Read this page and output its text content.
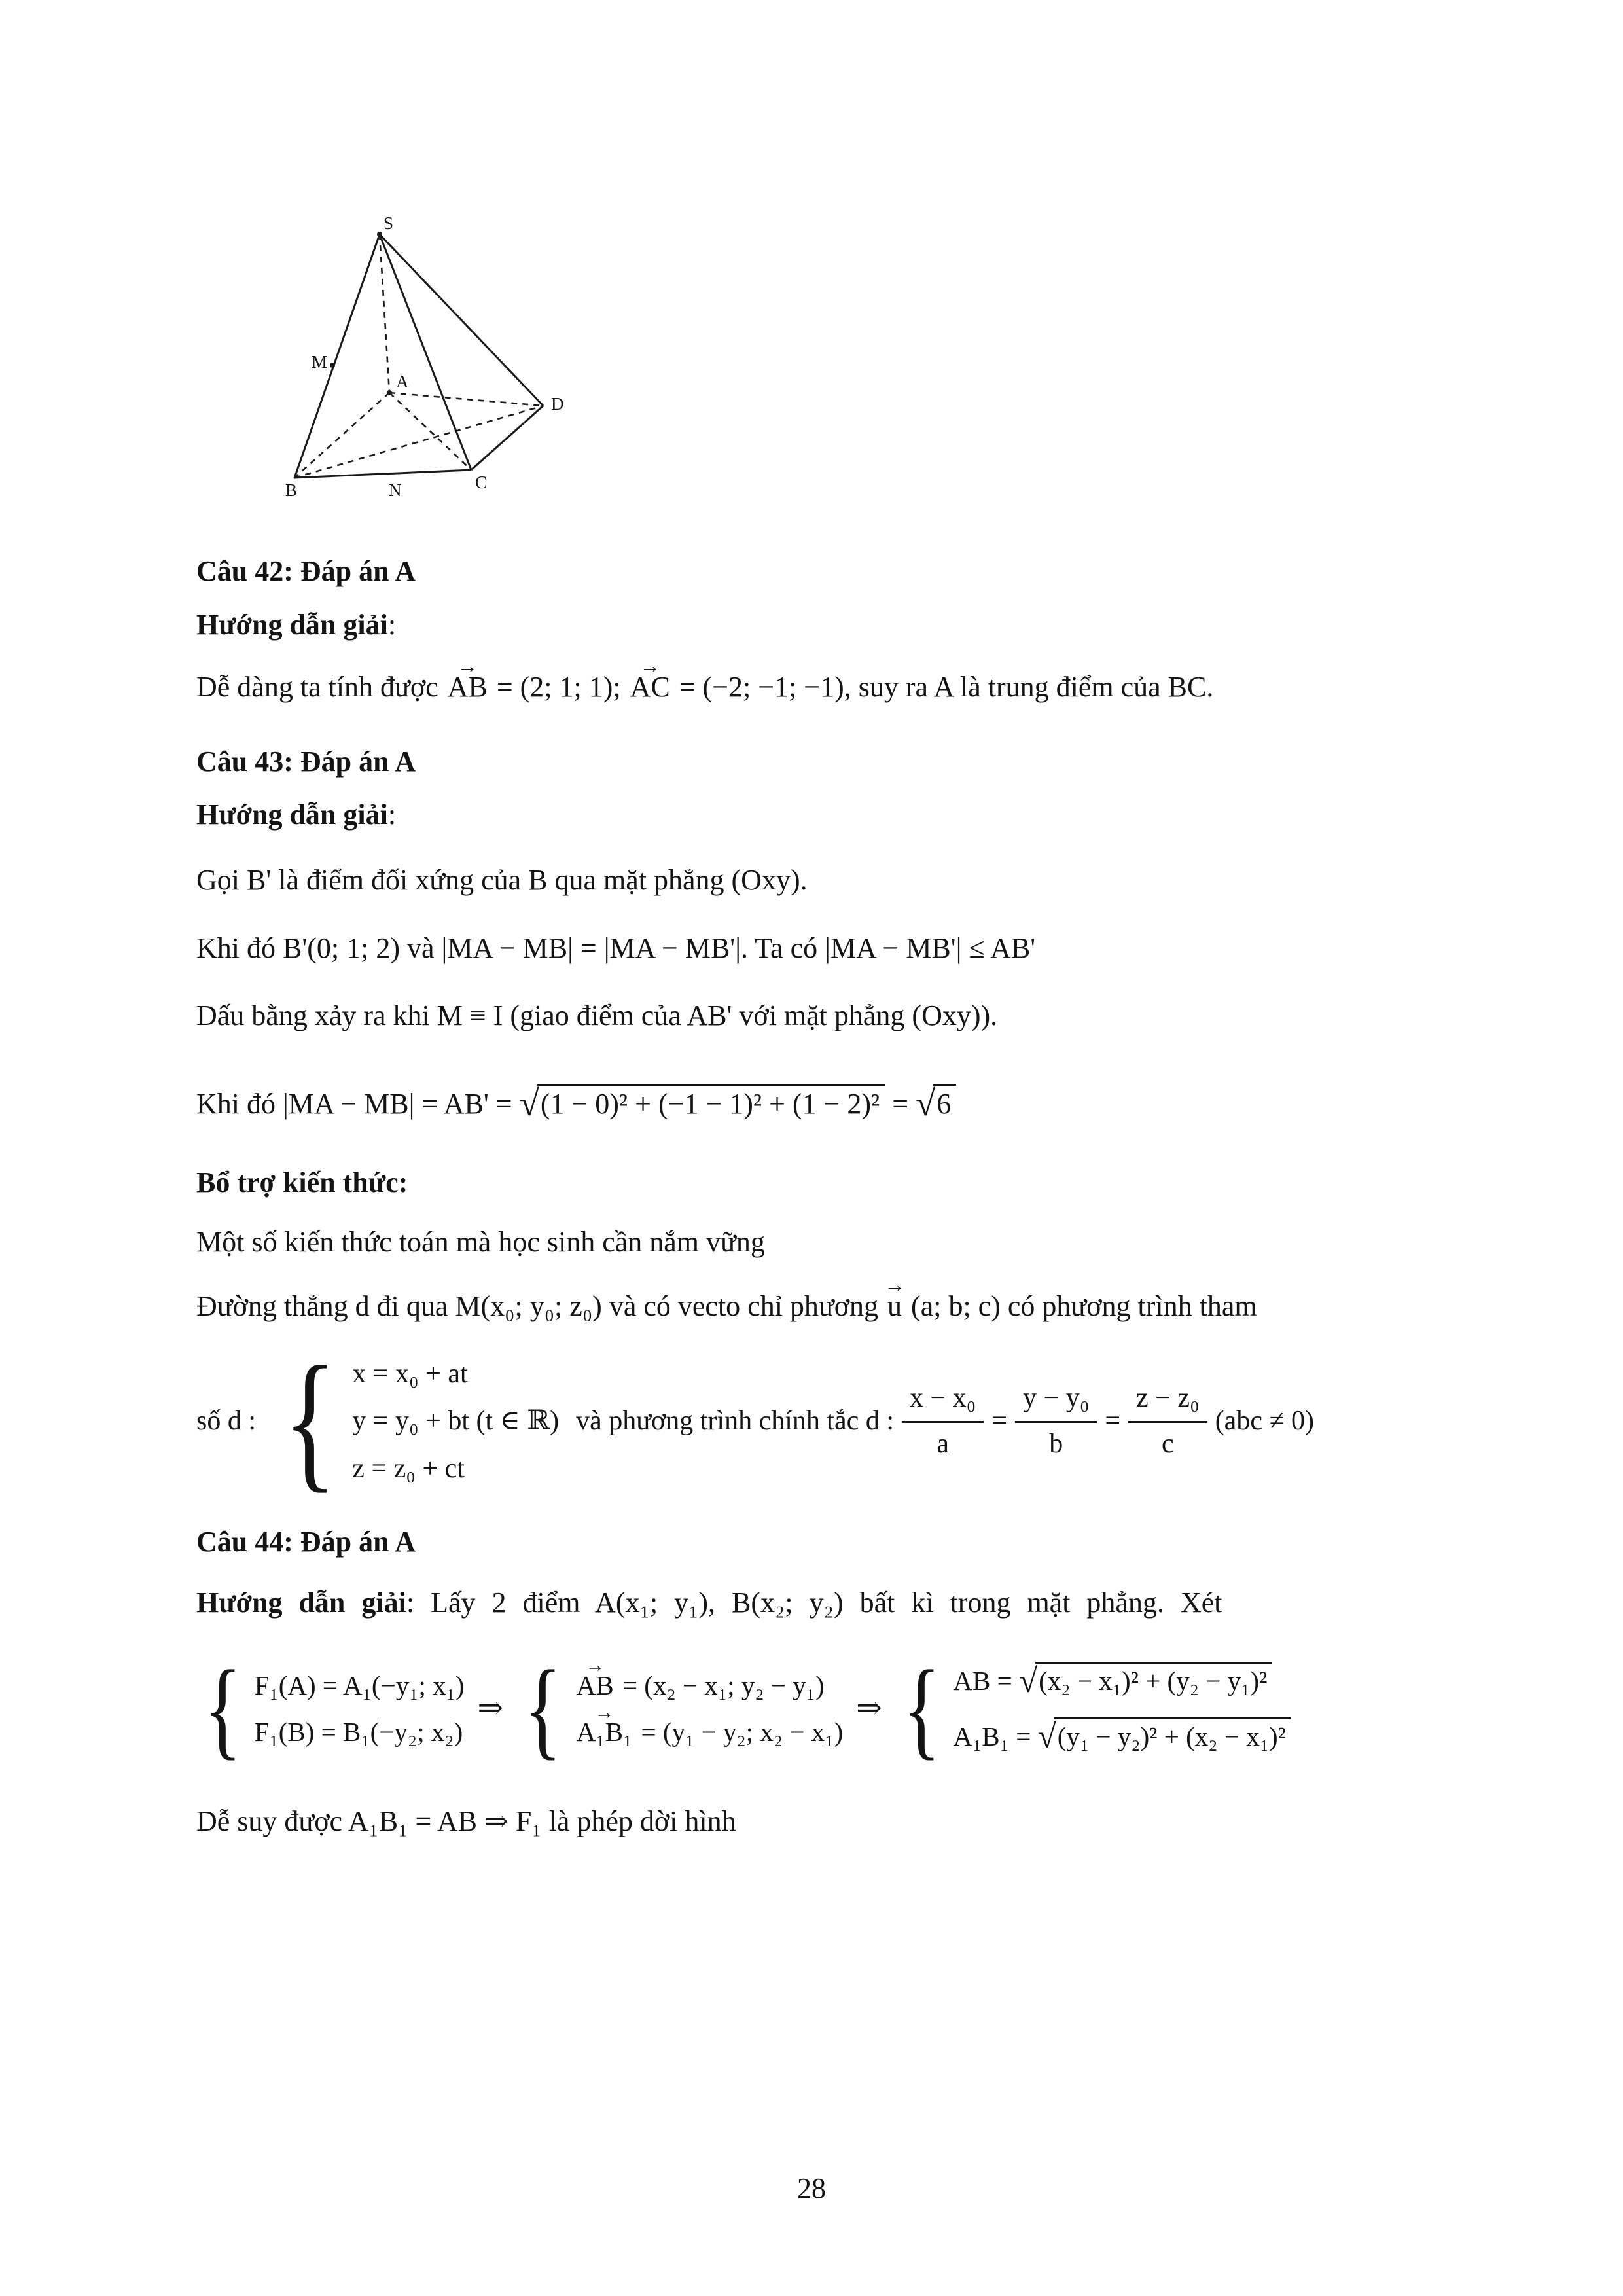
S
M
A
D
B	N	C

Câu 42: Đáp án A

Hướng dẫn giải:

Dễ dàng ta tính được → AB = (2; 1; 1); → AC = (−2; −1; −1), suy ra A là trung điểm của BC.

Câu 43: Đáp án A

Hướng dẫn giải:

Gọi B' là điểm đối xứng của B qua mặt phẳng (Oxy).

Khi đó B'(0; 1; 2) và |MA − MB| = |MA − MB'|. Ta có |MA − MB'| ≤ AB'

Dấu bằng xảy ra khi M ≡ I (giao điểm của AB' với mặt phẳng (Oxy)).

Khi đó |MA − MB| = AB' = √(1 − 0)² + (−1 − 1)² + (1 − 2)² = √6

Bổ trợ kiến thức:

Một số kiến thức toán mà học sinh cần nắm vững

Đường thẳng d đi qua M(x₀; y₀; z₀) và có vecto chỉ phương → u (a; b; c) có phương trình tham

số d : { x = x₀ + at
y = y₀ + bt (t ∈ ℝ)
z = z₀ + ct
và phương trình chính tắc d : $\frac{\text{x − x₀}}{a} = \frac{\text{y − y₀}}{b} = \frac{\text{z − z₀}}{c} (abc \ne 0)$

Câu 44: Đáp án A

Hướng dẫn giải: Lấy 2 điểm A(x₁; y₁), B(x₂; y₂) bất kì trong mặt phẳng. Xét

{ F₁(A) = A₁(−y₁; x₁)
F₁(B) = B₁(−y₂; x₂)
⇒ { → AB = (x₂ − x₁; y₂ − y₁)
→ A₁B₁ = (y₁ − y₂; x₂ − x₁)
⇒ { AB = √(x₂ − x₁)² + (y₂ − y₁)²
A₁B₁ = √(y₁ − y₂)² + (x₂ − x₁)²

Dễ suy được A₁B₁ = AB ⇒ F₁ là phép dời hình

28
